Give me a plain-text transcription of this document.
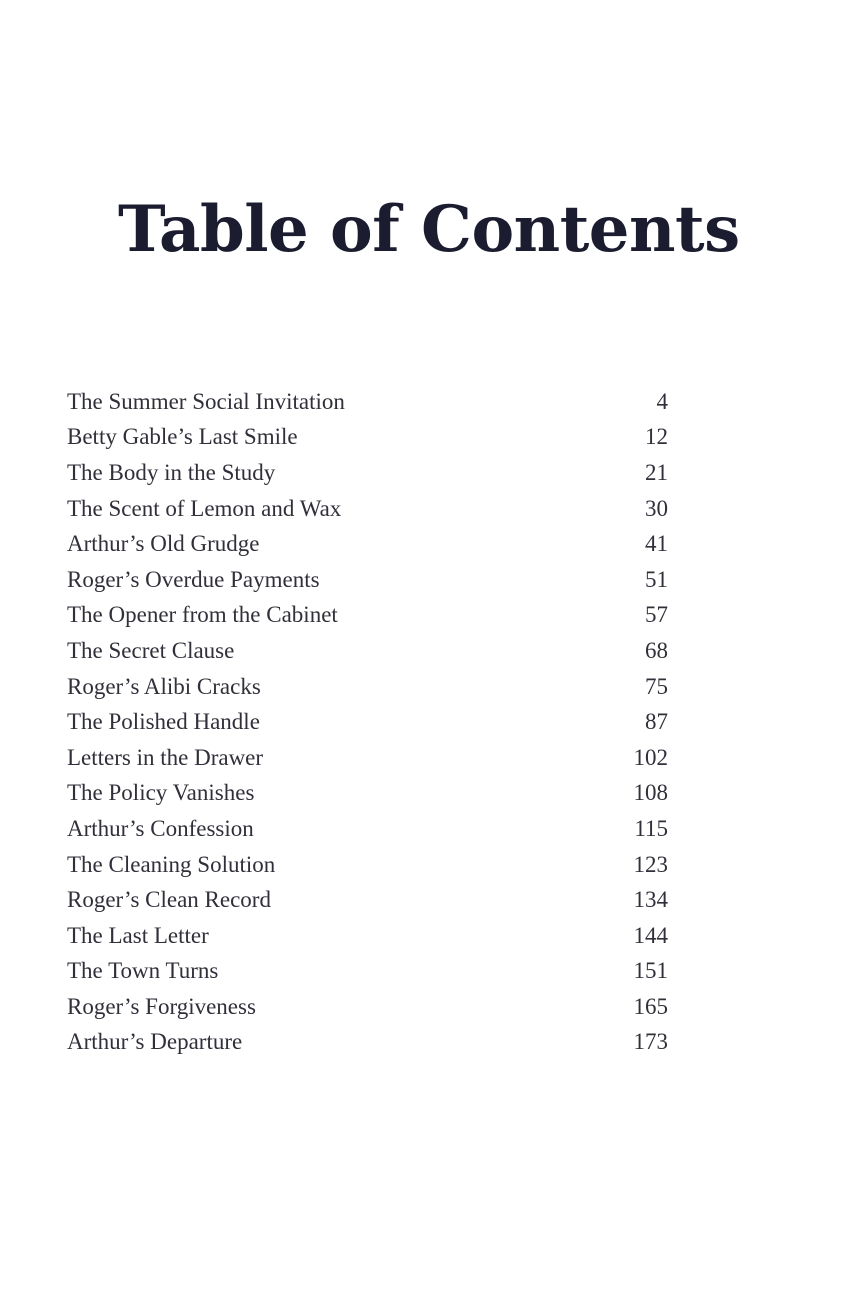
Table of Contents
The Summer Social Invitation	4
Betty Gable’s Last Smile	12
The Body in the Study	21
The Scent of Lemon and Wax	30
Arthur’s Old Grudge	41
Roger’s Overdue Payments	51
The Opener from the Cabinet	57
The Secret Clause	68
Roger’s Alibi Cracks	75
The Polished Handle	87
Letters in the Drawer	102
The Policy Vanishes	108
Arthur’s Confession	115
The Cleaning Solution	123
Roger’s Clean Record	134
The Last Letter	144
The Town Turns	151
Roger’s Forgiveness	165
Arthur’s Departure	173
